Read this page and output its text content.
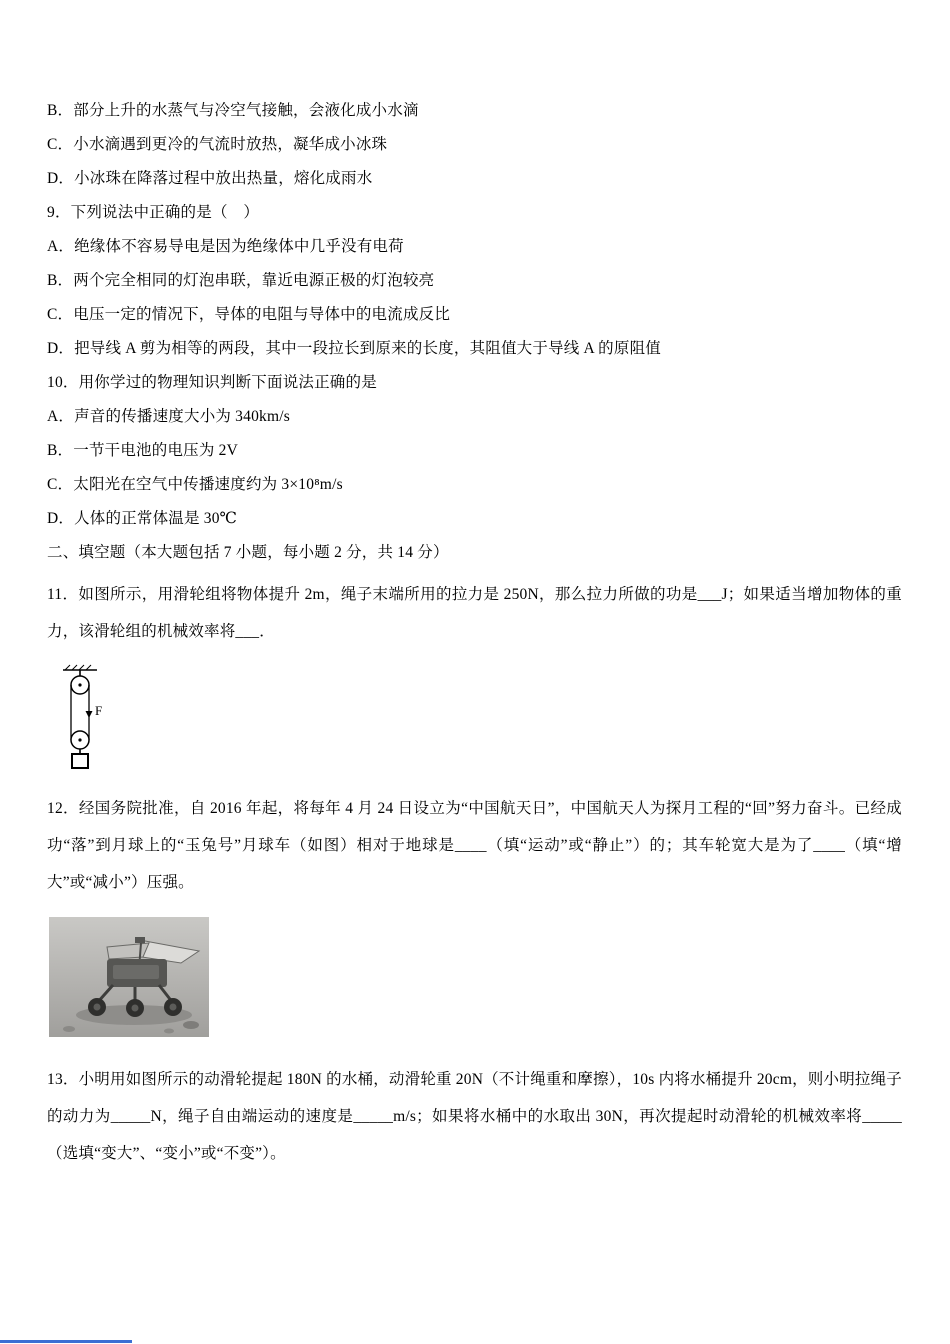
B．部分上升的水蒸气与冷空气接触，会液化成小水滴

C．小水滴遇到更冷的气流时放热，凝华成小冰珠

D．小冰珠在降落过程中放出热量，熔化成雨水

9．下列说法中正确的是（　）

A．绝缘体不容易导电是因为绝缘体中几乎没有电荷

B．两个完全相同的灯泡串联，靠近电源正极的灯泡较亮

C．电压一定的情况下，导体的电阻与导体中的电流成反比

D．把导线 A 剪为相等的两段，其中一段拉长到原来的长度，其阻值大于导线 A 的原阻值

10．用你学过的物理知识判断下面说法正确的是

A．声音的传播速度大小为 340km/s

B．一节干电池的电压为 2V

C．太阳光在空气中传播速度约为 3×10⁸m/s

D．人体的正常体温是 30℃

二、填空题（本大题包括 7 小题，每小题 2 分，共 14 分）

11．如图所示，用滑轮组将物体提升 2m，绳子末端所用的拉力是 250N，那么拉力所做的功是___J；如果适当增加物体的重力，该滑轮组的机械效率将___．

F

12．经国务院批准，自 2016 年起，将每年 4 月 24 日设立为“中国航天日”，中国航天人为探月工程的“回”努力奋斗。已经成功“落”到月球上的“玉兔号”月球车（如图）相对于地球是____（填“运动”或“静止”）的；其车轮宽大是为了____（填“增大”或“减小”）压强。

13．小明用如图所示的动滑轮提起 180N 的水桶，动滑轮重 20N（不计绳重和摩擦），10s 内将水桶提升 20cm，则小明拉绳子的动力为_____N，绳子自由端运动的速度是_____m/s；如果将水桶中的水取出 30N，再次提起时动滑轮的机械效率将_____（选填“变大”、“变小”或“不变”）。
